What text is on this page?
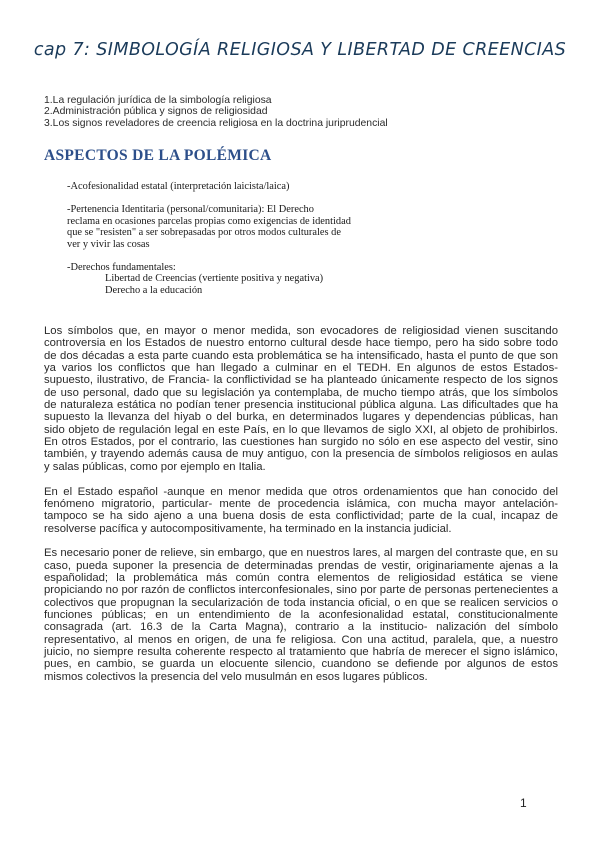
cap 7: SIMBOLOGÍA RELIGIOSA Y LIBERTAD DE CREENCIAS
1.La regulación jurídica de la simbología religiosa
2.Administración pública y signos de religiosidad
3.Los signos reveladores de creencia religiosa en la doctrina juriprudencial
ASPECTOS DE LA POLÉMICA
-Acofesionalidad estatal (interpretación laicista/laica)
-Pertenencia Identitaria (personal/comunitaria): El Derecho
reclama en ocasiones parcelas propias como exigencias de identidad
que se "resisten" a ser sobrepasadas por otros modos culturales de
ver y vivir las cosas
-Derechos fundamentales:
Libertad de Creencias (vertiente positiva y negativa)
Derecho a la educación

Los símbolos que, en mayor o menor medida, son evocadores de religiosidad vienen suscitando controversia en los Estados de nuestro entorno cultural desde hace tiempo, pero ha sido sobre todo de dos décadas a esta parte cuando esta problemática se ha intensificado, hasta el punto de que son ya varios los conflictos que han llegado a culminar en el TEDH. En algunos de estos Estados-supuesto, ilustrativo, de Francia- la conflictividad se ha planteado únicamente respecto de los signos de uso personal, dado que su legislación ya contemplaba, de mucho tiempo atrás, que los símbolos de naturaleza estática no podían tener presencia institucional pública alguna. Las dificultades que ha supuesto la llevanza del hiyab o del burka, en determinados lugares y dependencias públicas, han sido objeto de regulación legal en este País, en lo que llevamos de siglo XXI, al objeto de prohibirlos. En otros Estados, por el contrario, las cuestiones han surgido no sólo en ese aspecto del vestir, sino también, y trayendo además causa de muy antiguo, con la presencia de símbolos religiosos en aulas y salas públicas, como por ejemplo en Italia.

En el Estado español -aunque en menor medida que otros ordenamientos que han conocido del fenómeno migratorio, particular- mente de procedencia islámica, con mucha mayor antelación-tampoco se ha sido ajeno a una buena dosis de esta conflictividad; parte de la cual, incapaz de resolverse pacífica y autocompositivamente, ha terminado en la instancia judicial.

Es necesario poner de relieve, sin embargo, que en nuestros lares, al margen del contraste que, en su caso, pueda suponer la presencia de determinadas prendas de vestir, originariamente ajenas a la españolidad; la problemática más común contra elementos de religiosidad estática se viene propiciando no por razón de conflictos interconfesionales, sino por parte de personas pertenecientes a colectivos que propugnan la secularización de toda instancia oficial, o en que se realicen servicios o funciones públicas; en un entendimiento de la aconfesionalidad estatal, constitucionalmente consagrada (art. 16.3 de la Carta Magna), contrario a la institucio- nalización del símbolo representativo, al menos en origen, de una fe religiosa. Con una actitud, paralela, que, a nuestro juicio, no siempre resulta coherente respecto al tratamiento que habría de merecer el signo islámico, pues, en cambio, se guarda un elocuente silencio, cuandono se defiende por algunos de estos mismos colectivos la presencia del velo musulmán en esos lugares públicos.

1
